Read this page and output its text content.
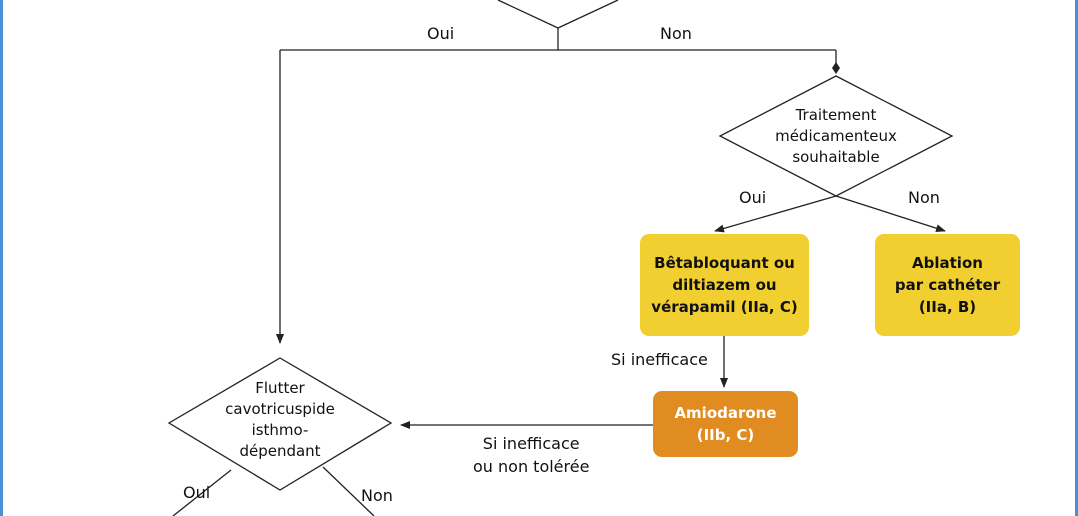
Oui	Non
Oui	Non
Si inefficace
Si inefficace
ou non tolérée
Oui	Non
Traitement
médicamenteux
souhaitable
Flutter
cavotricuspide
isthmo-
dépendant
Bêtabloquant ou
diltiazem ou
vérapamil (IIa, C)
Ablation
par cathéter
(IIa, B)
Amiodarone
(IIb, C)
